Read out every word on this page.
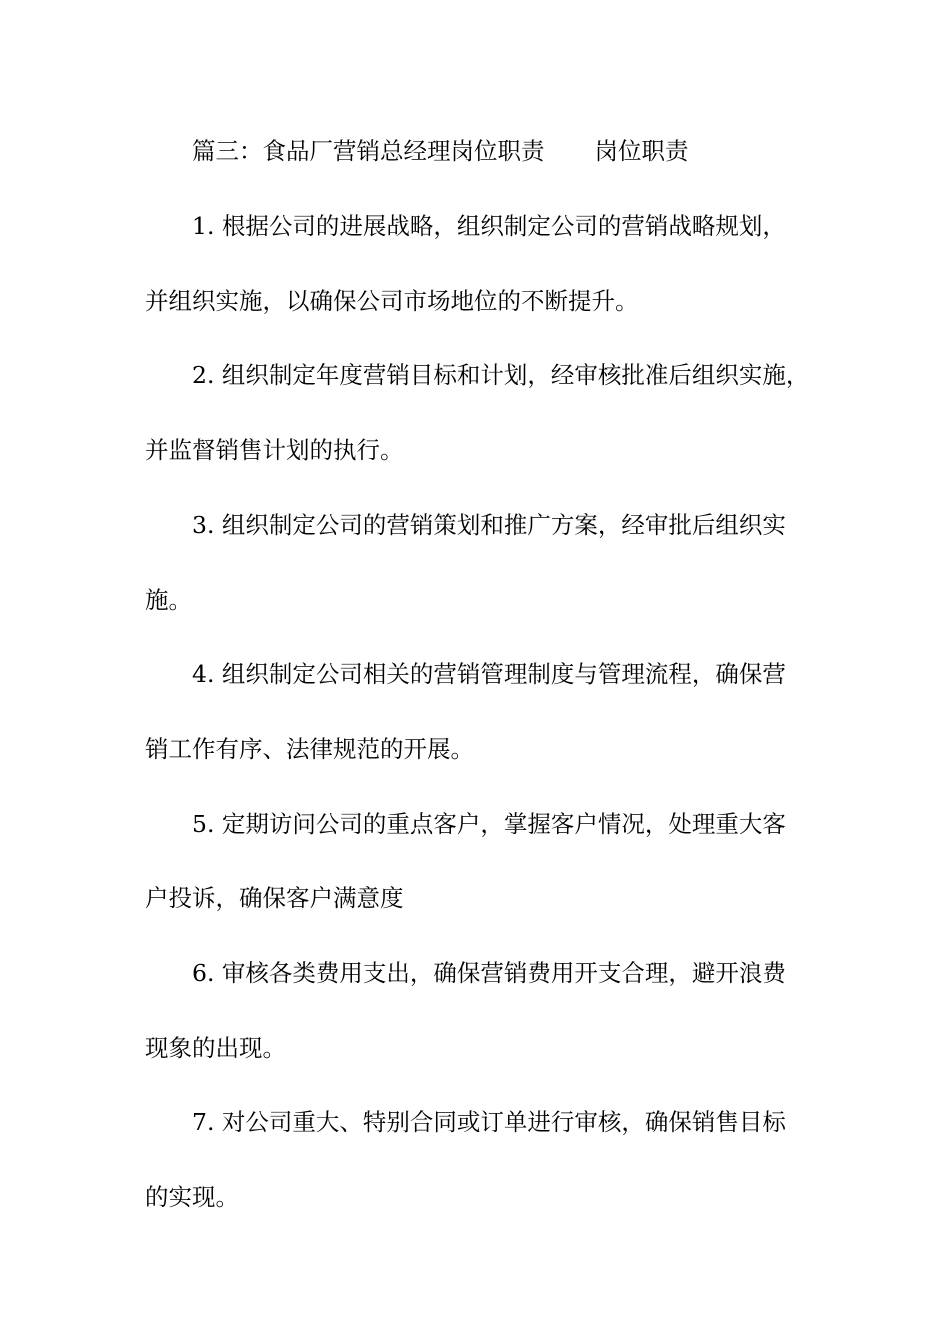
篇三：食品厂营销总经理岗位职责 岗位职责
1. 根据公司的进展战略，组织制定公司的营销战略规划，
并组织实施，以确保公司市场地位的不断提升。
2. 组织制定年度营销目标和计划，经审核批准后组织实施，
并监督销售计划的执行。
3. 组织制定公司的营销策划和推广方案，经审批后组织实
施。
4. 组织制定公司相关的营销管理制度与管理流程，确保营
销工作有序、法律规范的开展。
5. 定期访问公司的重点客户，掌握客户情况，处理重大客
户投诉，确保客户满意度
6. 审核各类费用支出，确保营销费用开支合理，避开浪费
现象的出现。
7. 对公司重大、特别合同或订单进行审核，确保销售目标
的实现。
